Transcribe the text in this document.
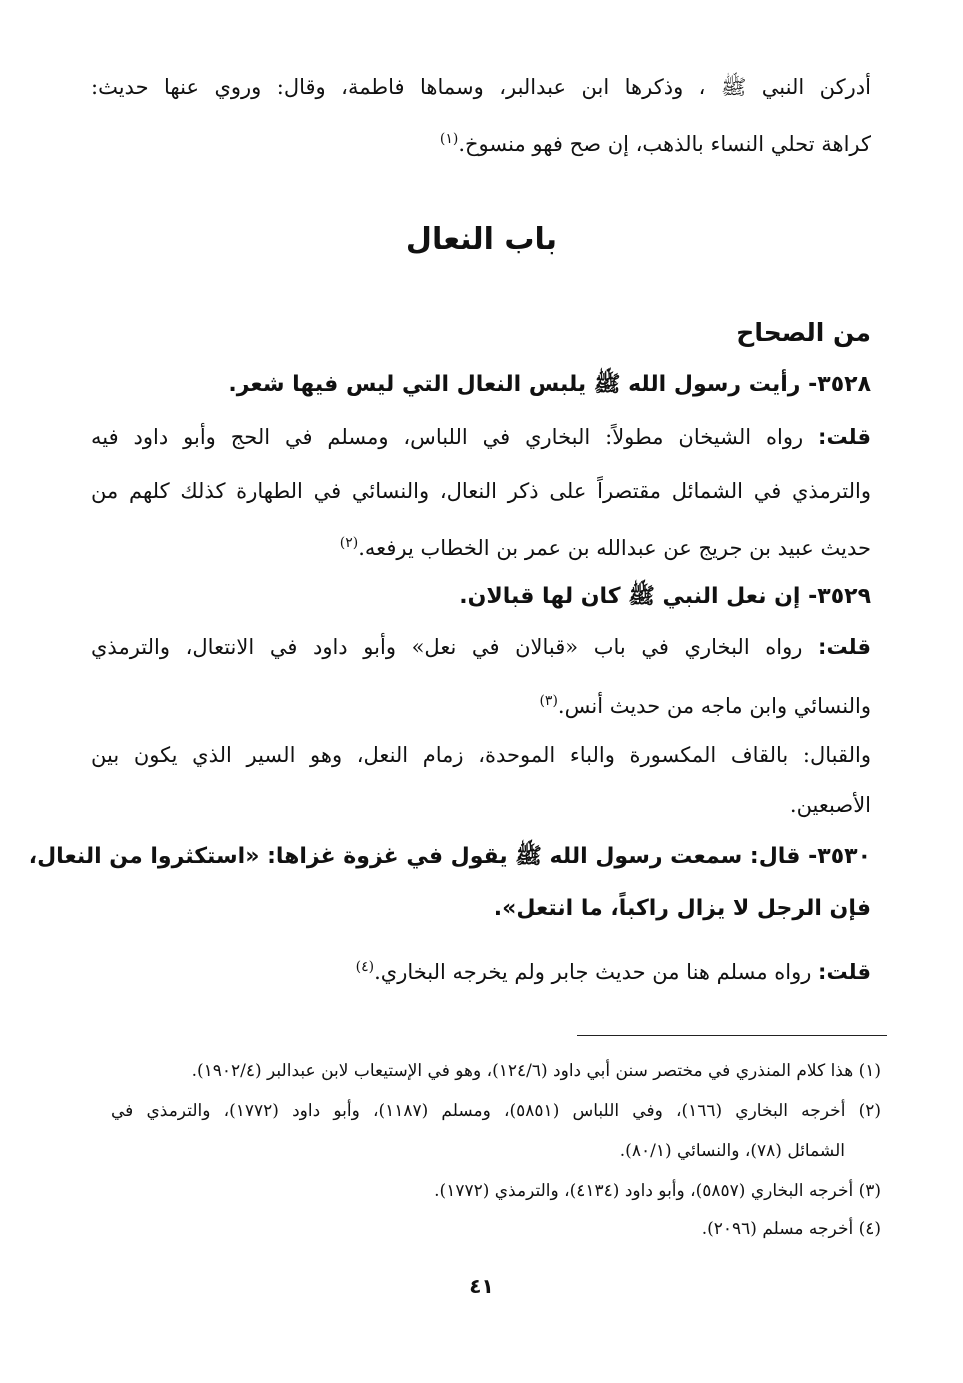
أدركن النبي ﷺ ، وذكرها ابن عبدالبر، وسماها فاطمة، وقال: وروي عنها حديث:
كراهة تحلي النساء بالذهب، إن صح فهو منسوخ.$^{(١)}$
باب النعال
من الصحاح
٣٥٢٨- رأيت رسول الله ﷺ يلبس النعال التي ليس فيها شعر.
قلت: رواه الشيخان مطولاً: البخاري في اللباس، ومسلم في الحج وأبو داود فيه
والترمذي في الشمائل مقتصراً على ذكر النعال، والنسائي في الطهارة كذلك كلهم من
حديث عبيد بن جريج عن عبدالله بن عمر بن الخطاب يرفعه.$^{(٢)}$
٣٥٢٩- إن نعل النبي ﷺ كان لها قبالان.
قلت: رواه البخاري في باب «قبالان في نعل» وأبو داود في الانتعال، والترمذي
والنسائي وابن ماجه من حديث أنس.$^{(٣)}$
والقبال: بالقاف المكسورة والباء الموحدة، زمام النعل، وهو السير الذي يكون بين
الأصبعين.
٣٥٣٠- قال: سمعت رسول الله ﷺ يقول في غزوة غزاها: «استكثروا من النعال،
فإن الرجل لا يزال راكباً، ما انتعل».
قلت: رواه مسلم هنا من حديث جابر ولم يخرجه البخاري.$^{(٤)}$
(١) هذا كلام المنذري في مختصر سنن أبي داود (١٢٤/٦)، وهو في الإستيعاب لابن عبدالبر (١٩٠٢/٤).
(٢) أخرجه البخاري (١٦٦)، وفي اللباس (٥٨٥١)، ومسلم (١١٨٧)، وأبو داود (١٧٧٢)، والترمذي في
الشمائل (٧٨)، والنسائي (٨٠/١).
(٣) أخرجه البخاري (٥٨٥٧)، وأبو داود (٤١٣٤)، والترمذي (١٧٧٢).
(٤) أخرجه مسلم (٢٠٩٦).
٤١
